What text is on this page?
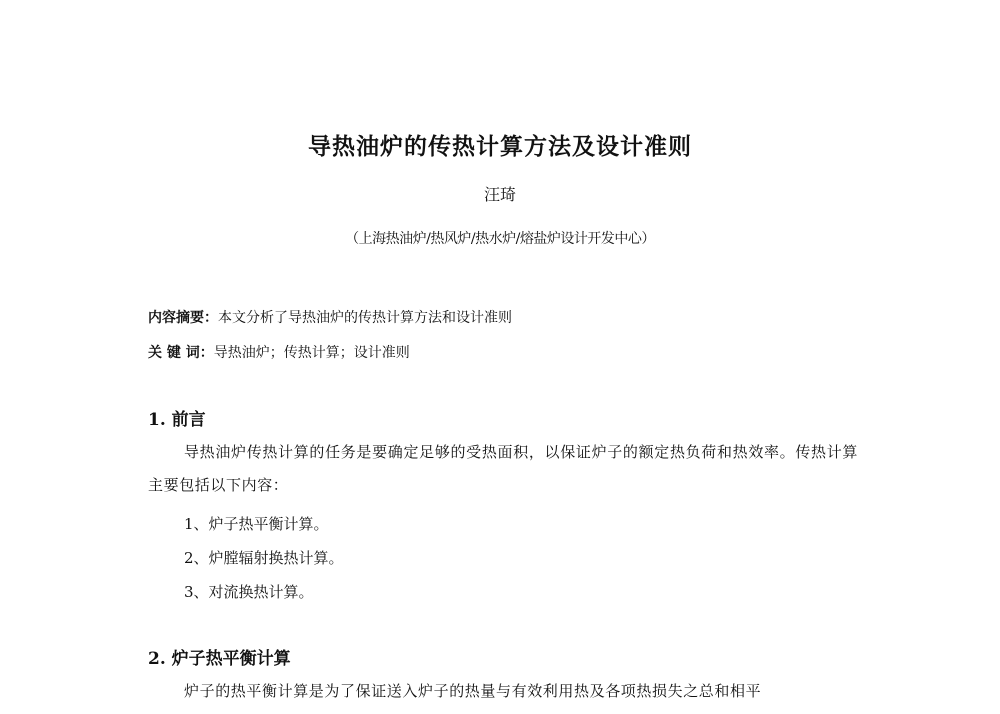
导热油炉的传热计算方法及设计准则
汪琦
（上海热油炉/热风炉/热水炉/熔盐炉设计开发中心）
内容摘要：本文分析了导热油炉的传热计算方法和设计准则
关 键 词：导热油炉；传热计算；设计准则
1. 前言
导热油炉传热计算的任务是要确定足够的受热面积，以保证炉子的额定热负荷和热效率。传热计算主要包括以下内容：
1、炉子热平衡计算。
2、炉膛辐射换热计算。
3、对流换热计算。
2. 炉子热平衡计算
炉子的热平衡计算是为了保证送入炉子的热量与有效利用热及各项热损失之总和相平
